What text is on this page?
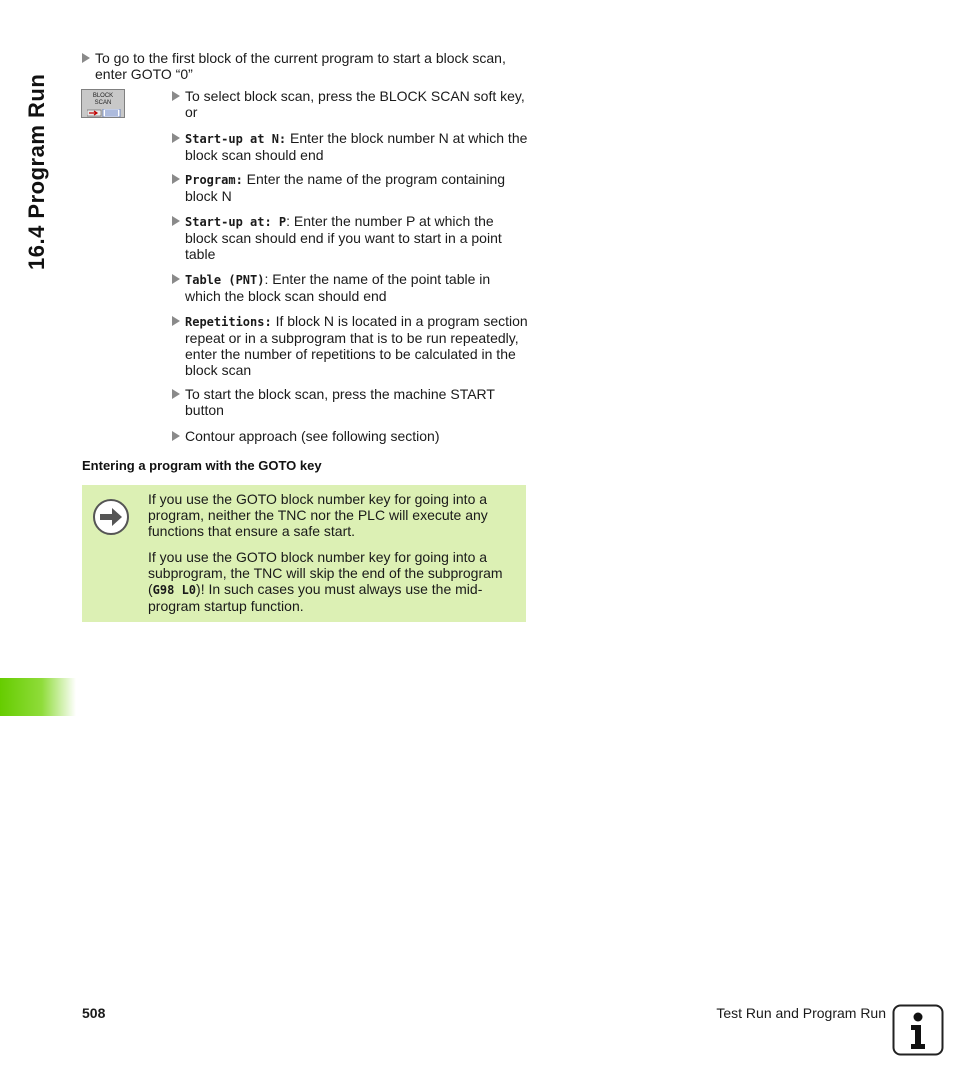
16.4 Program Run
To go to the first block of the current program to start a block scan,
enter GOTO “0”
BLOCK
SCAN	To select block scan, press the BLOCK SCAN soft key,
or
Start-up at N: Enter the block number N at which the
block scan should end
Program: Enter the name of the program containing
block N
Start-up at: P: Enter the number P at which the
block scan should end if you want to start in a point
table
Table (PNT): Enter the name of the point table in
which the block scan should end
Repetitions: If block N is located in a program section
repeat or in a subprogram that is to be run repeatedly,
enter the number of repetitions to be calculated in the
block scan
To start the block scan, press the machine START
button
Contour approach (see following section)
Entering a program with the GOTO key

If you use the GOTO block number key for going into a
program, neither the TNC nor the PLC will execute any
functions that ensure a safe start.

If you use the GOTO block number key for going into a
subprogram, the TNC will skip the end of the subprogram
(G98 L0)! In such cases you must always use the mid-
program startup function.

508	Test Run and Program Run
